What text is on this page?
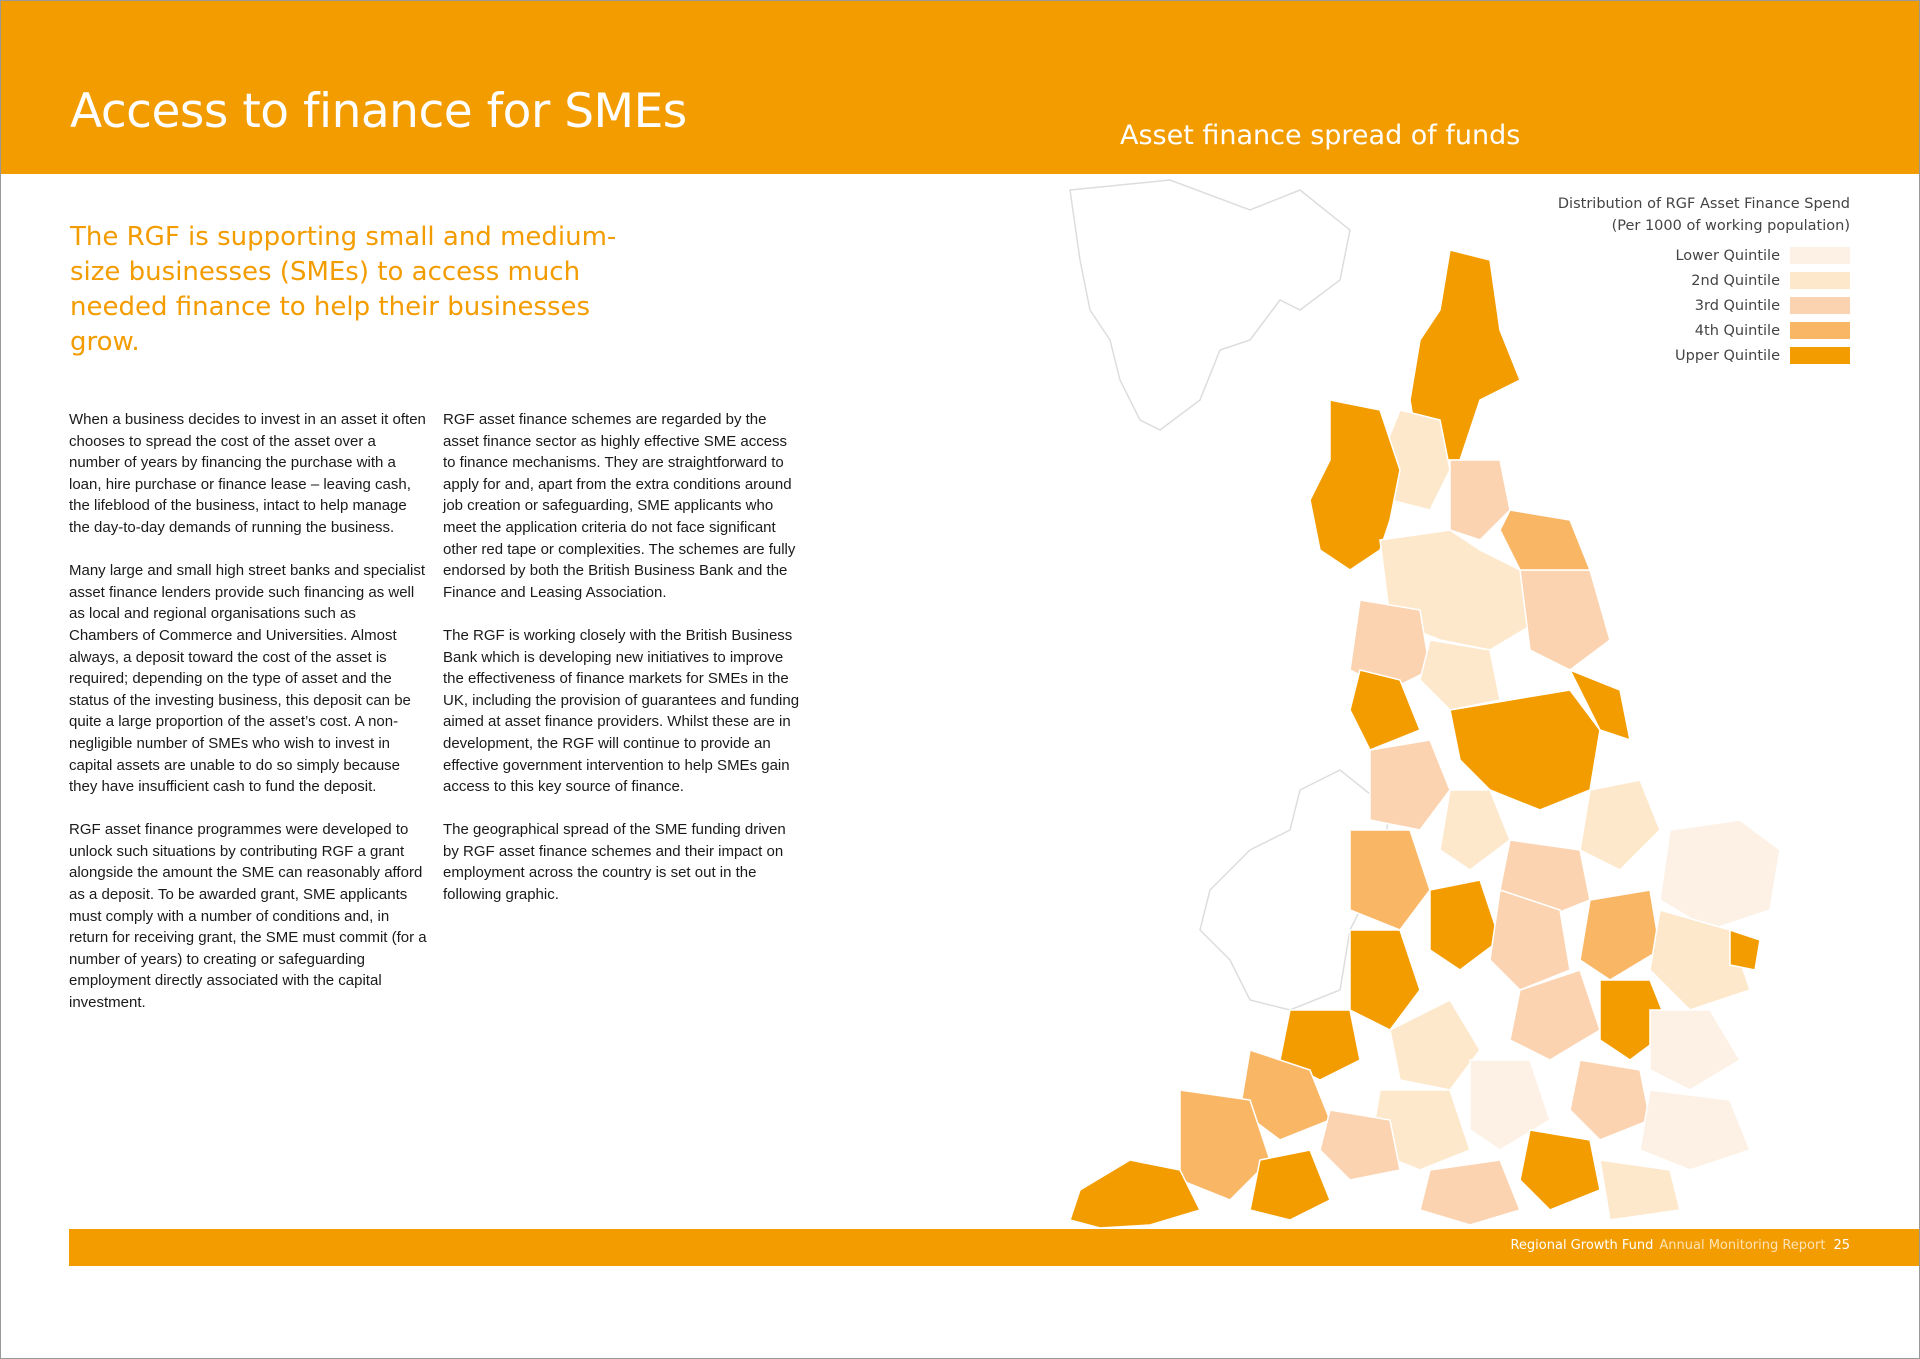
Access to finance for SMEs	Asset finance spread of funds
The RGF is supporting small and medium-size businesses (SMEs) to access much needed finance to help their businesses grow.

When a business decides to invest in an asset it often chooses to spread the cost of the asset over a number of years by financing the purchase with a loan, hire purchase or finance lease – leaving cash, the lifeblood of the business, intact to help manage the day-to-day demands of running the business.

Many large and small high street banks and specialist asset finance lenders provide such financing as well as local and regional organisations such as Chambers of Commerce and Universities. Almost always, a deposit toward the cost of the asset is required; depending on the type of asset and the status of the investing business, this deposit can be quite a large proportion of the asset’s cost. A non-negligible number of SMEs who wish to invest in capital assets are unable to do so simply because they have insufficient cash to fund the deposit.

RGF asset finance programmes were developed to unlock such situations by contributing RGF a grant alongside the amount the SME can reasonably afford as a deposit. To be awarded grant, SME applicants must comply with a number of conditions and, in return for receiving grant, the SME must commit (for a number of years) to creating or safeguarding employment directly associated with the capital investment.

RGF asset finance schemes are regarded by the asset finance sector as highly effective SME access to finance mechanisms. They are straightforward to apply for and, apart from the extra conditions around job creation or safeguarding, SME applicants who meet the application criteria do not face significant other red tape or complexities. The schemes are fully endorsed by both the British Business Bank and the Finance and Leasing Association.

The RGF is working closely with the British Business Bank which is developing new initiatives to improve the effectiveness of finance markets for SMEs in the UK, including the provision of guarantees and funding aimed at asset finance providers. Whilst these are in development, the RGF will continue to provide an effective government intervention to help SMEs gain access to this key source of finance.

The geographical spread of the SME funding driven by RGF asset finance schemes and their impact on employment across the country is set out in the following graphic.

Distribution of RGF Asset Finance Spend
(Per 1000 of working population)
Lower Quintile
2nd Quintile
3rd Quintile
4th Quintile
Upper Quintile
Regional Growth Fund Annual Monitoring Report 25
